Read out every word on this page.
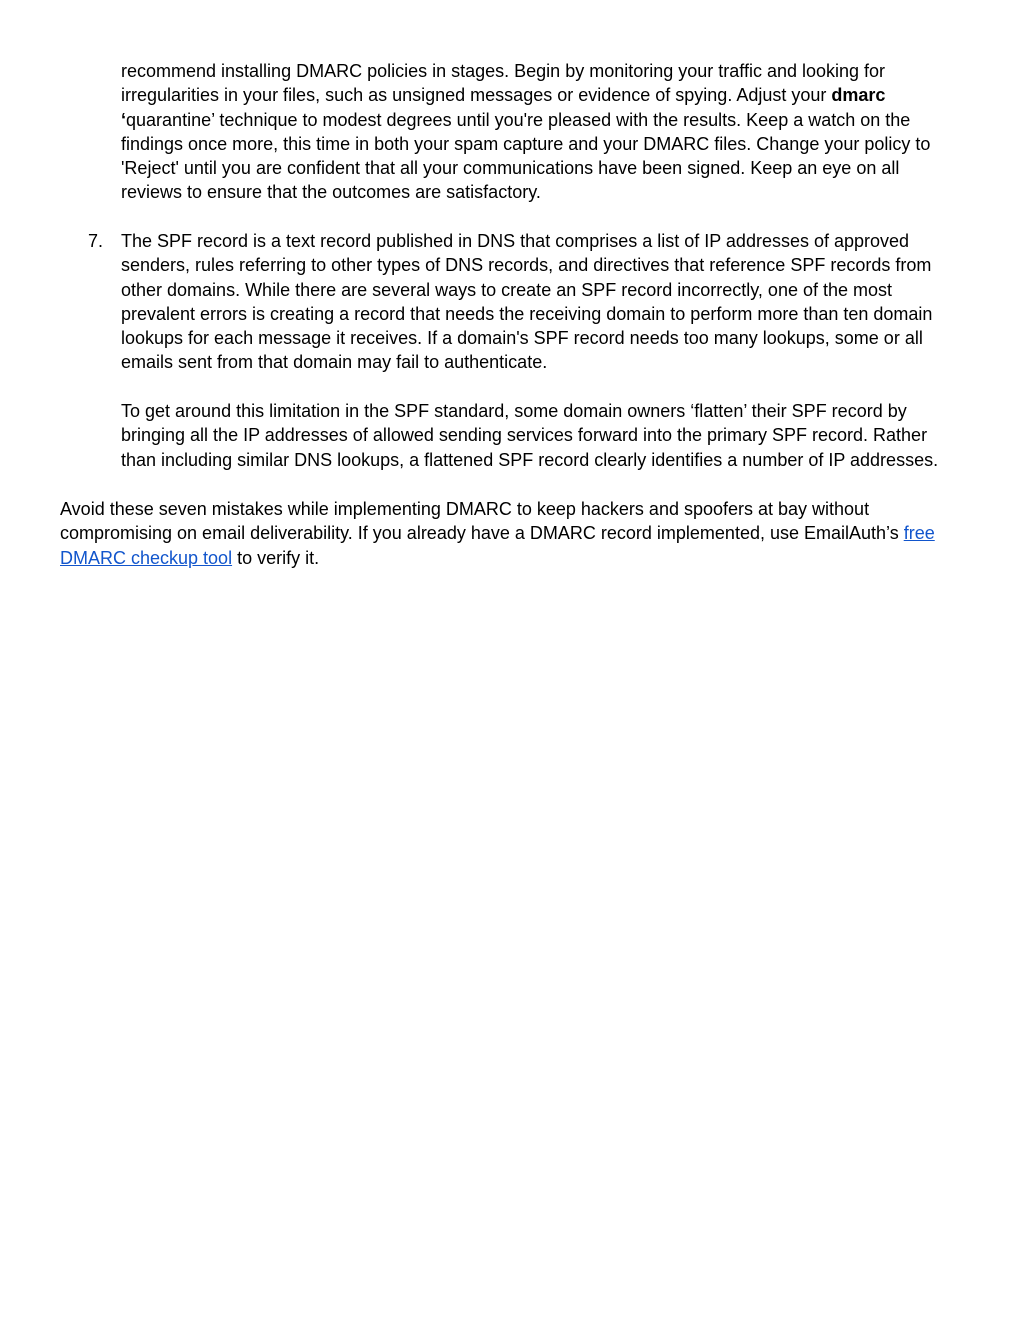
recommend installing DMARC policies in stages. Begin by monitoring your traffic and looking for
irregularities in your files, such as unsigned messages or evidence of spying. Adjust your dmarc
‘quarantine’ technique to modest degrees until you're pleased with the results. Keep a watch on the
findings once more, this time in both your spam capture and your DMARC files. Change your policy to
'Reject' until you are confident that all your communications have been signed. Keep an eye on all
reviews to ensure that the outcomes are satisfactory.

7. The SPF record is a text record published in DNS that comprises a list of IP addresses of approved
senders, rules referring to other types of DNS records, and directives that reference SPF records from
other domains. While there are several ways to create an SPF record incorrectly, one of the most
prevalent errors is creating a record that needs the receiving domain to perform more than ten domain
lookups for each message it receives. If a domain's SPF record needs too many lookups, some or all
emails sent from that domain may fail to authenticate.

To get around this limitation in the SPF standard, some domain owners ‘flatten’ their SPF record by
bringing all the IP addresses of allowed sending services forward into the primary SPF record. Rather
than including similar DNS lookups, a flattened SPF record clearly identifies a number of IP addresses.

Avoid these seven mistakes while implementing DMARC to keep hackers and spoofers at bay without
compromising on email deliverability. If you already have a DMARC record implemented, use EmailAuth’s free
DMARC checkup tool to verify it.
